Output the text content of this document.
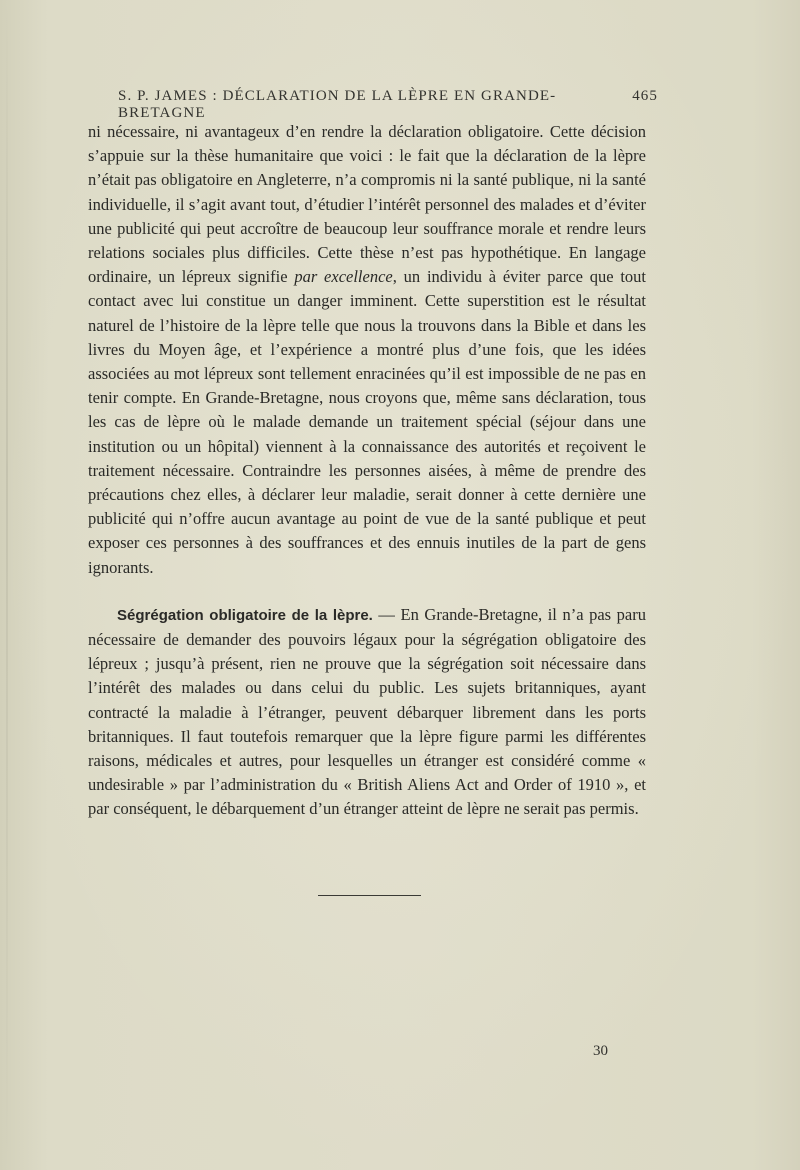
S. P. JAMES : DÉCLARATION DE LA LÈPRE EN GRANDE-BRETAGNE
465

ni nécessaire, ni avantageux d’en rendre la déclaration obligatoire. Cette décision s’appuie sur la thèse humanitaire que voici : le fait que la déclaration de la lèpre n’était pas obligatoire en Angleterre, n’a compromis ni la santé publique, ni la santé individuelle, il s’agit avant tout, d’étudier l’intérêt personnel des malades et d’éviter une publicité qui peut accroître de beaucoup leur souffrance morale et rendre leurs relations sociales plus difficiles. Cette thèse n’est pas hypothétique. En langage ordinaire, un lépreux signifie par excellence, un individu à éviter parce que tout contact avec lui constitue un danger imminent. Cette superstition est le résultat naturel de l’histoire de la lèpre telle que nous la trouvons dans la Bible et dans les livres du Moyen âge, et l’expérience a montré plus d’une fois, que les idées associées au mot lépreux sont tellement enracinées qu’il est impossible de ne pas en tenir compte. En Grande-Bretagne, nous croyons que, même sans déclaration, tous les cas de lèpre où le malade demande un traitement spécial (séjour dans une institution ou un hôpital) viennent à la connaissance des autorités et reçoivent le traitement nécessaire. Contraindre les personnes aisées, à même de prendre des précautions chez elles, à déclarer leur maladie, serait donner à cette dernière une publicité qui n’offre aucun avantage au point de vue de la santé publique et peut exposer ces personnes à des souffrances et des ennuis inutiles de la part de gens ignorants.

Ségrégation obligatoire de la lèpre. — En Grande-Bretagne, il n’a pas paru nécessaire de demander des pouvoirs légaux pour la ségrégation obligatoire des lépreux ; jusqu’à présent, rien ne prouve que la ségrégation soit nécessaire dans l’intérêt des malades ou dans celui du public. Les sujets britanniques, ayant contracté la maladie à l’étranger, peuvent débarquer librement dans les ports britanniques. Il faut toutefois remarquer que la lèpre figure parmi les différentes raisons, médicales et autres, pour lesquelles un étranger est considéré comme « undesirable » par l’administration du « British Aliens Act and Order of 1910 », et par conséquent, le débarquement d’un étranger atteint de lèpre ne serait pas permis.

30
